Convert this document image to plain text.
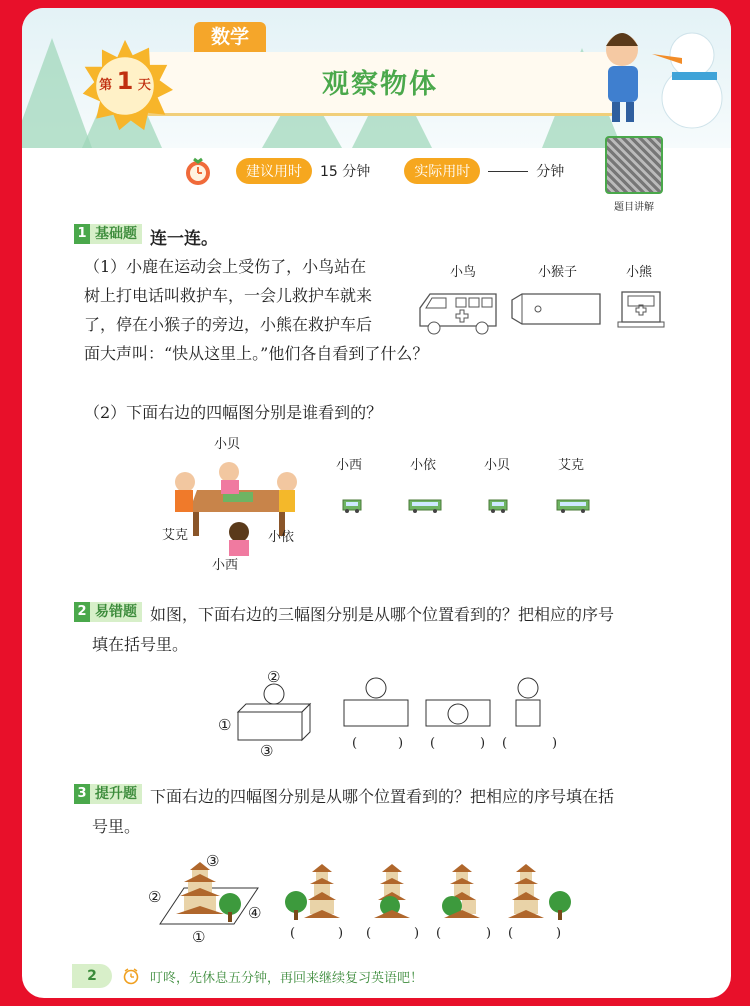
数学
观察物体
第 1 天
建议用时	15 分钟	实际用时	分钟
题目讲解
1 基础题 连一连。
（1）小鹿在运动会上受伤了，小鸟站在
树上打电话叫救护车，一会儿救护车就来
了，停在小猴子的旁边，小熊在救护车后
面大声叫：“快从这里上。”他们各自看到了什么？
小鸟	小猴子	小熊
（2）下面右边的四幅图分别是谁看到的？
小贝
艾克	小依
小西
小西	小依	小贝	艾克
2 易错题 如图，下面右边的三幅图分别是从哪个位置看到的？把相应的序号
填在括号里。
②
①
③	(	) (	) (	)
3 提升题 下面右边的四幅图分别是从哪个位置看到的？把相应的序号填在括
号里。
③
②
④
①	(	) (	) (	) (	)
2	叮咚，先休息五分钟，再回来继续复习英语吧！
